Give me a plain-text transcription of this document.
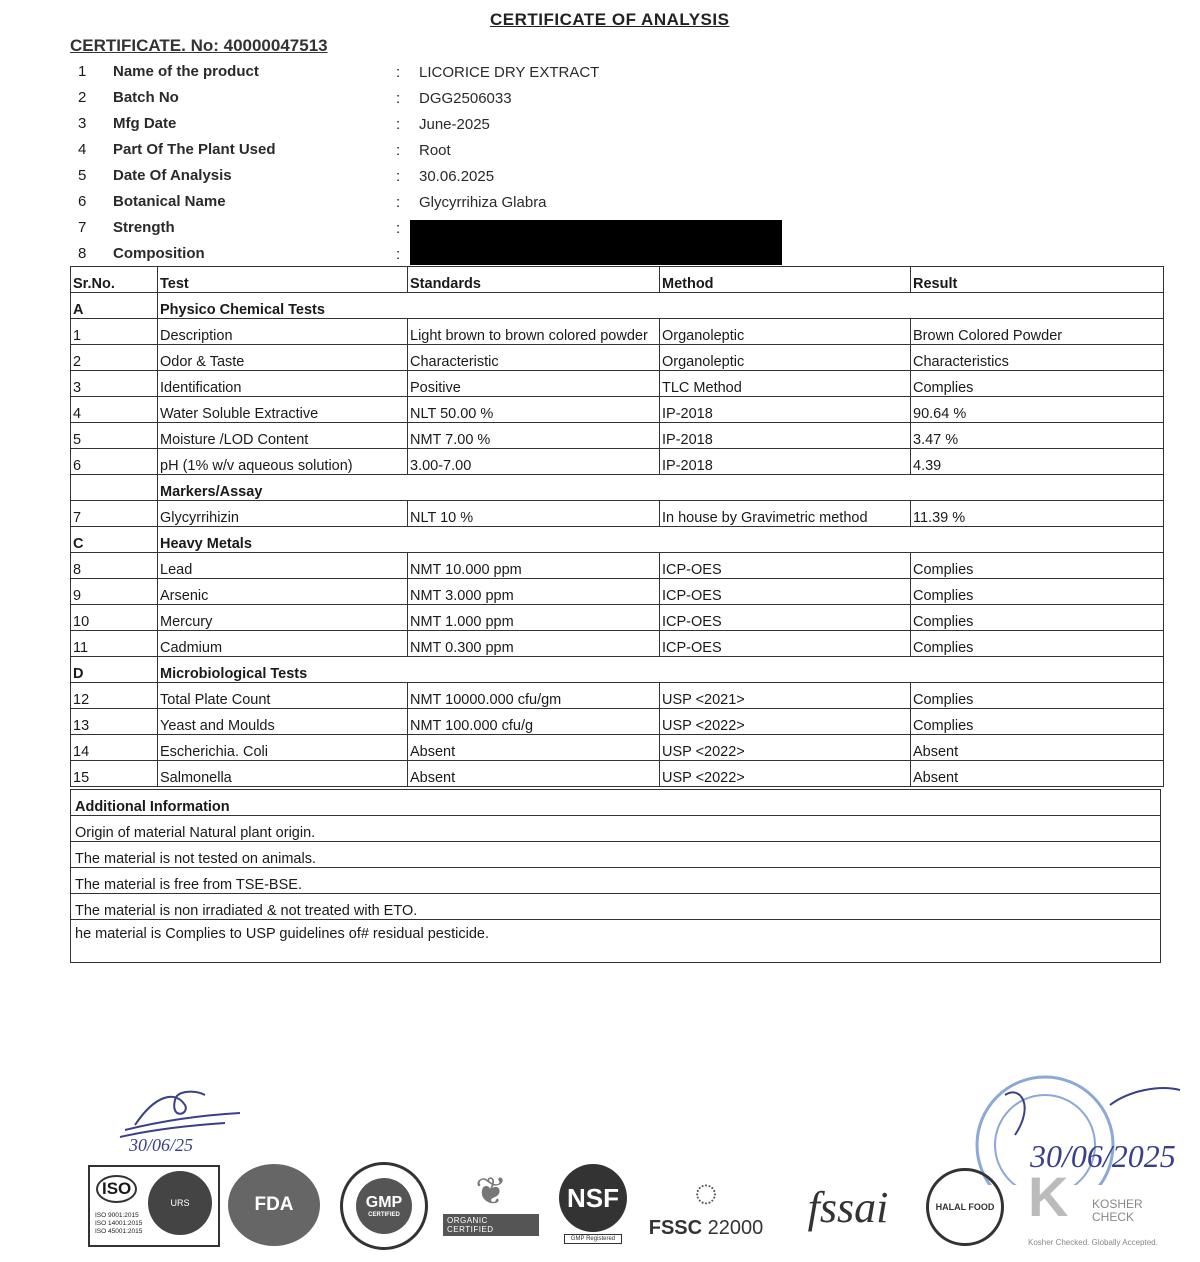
CERTIFICATE OF ANALYSIS
CERTIFICATE. No: 40000047513
1 Name of the product	: LICORICE DRY EXTRACT
2 Batch No	: DGG2506033
3 Mfg Date	: June-2025
4 Part Of The Plant Used	: Root
5 Date Of Analysis	: 30.06.2025
6 Botanical Name	: Glycyrrihiza Glabra
7 Strength	:
8 Composition	:
Sr.No.	Test	Standards	Method	Result
A	Physico Chemical Tests			
1	Description	Light brown to brown colored powder	Organoleptic	Brown Colored Powder
2	Odor & Taste	Characteristic	Organoleptic	Characteristics
3	Identification	Positive	TLC Method	Complies
4	Water Soluble Extractive	NLT 50.00 %	IP-2018	90.64 %
5	Moisture /LOD Content	NMT 7.00 %	IP-2018	3.47 %
6	pH (1% w/v aqueous solution)	3.00-7.00	IP-2018	4.39
	Markers/Assay			
7	Glycyrrihizin	NLT 10 %	In house by Gravimetric method	11.39 %
C	Heavy Metals			
8	Lead	NMT 10.000 ppm	ICP-OES	Complies
9	Arsenic	NMT 3.000 ppm	ICP-OES	Complies
10	Mercury	NMT 1.000 ppm	ICP-OES	Complies
11	Cadmium	NMT 0.300 ppm	ICP-OES	Complies
D	Microbiological Tests			
12	Total Plate Count	NMT 10000.000 cfu/gm	USP <2021>	Complies
13	Yeast and Moulds	NMT 100.000 cfu/g	USP <2022>	Complies
14	Escherichia. Coli	Absent	USP <2022>	Absent
15	Salmonella	Absent	USP <2022>	Absent
Additional Information
Origin of material Natural plant origin.
The material is not tested on animals.
The material is free from TSE-BSE.
The material is non irradiated & not treated with ETO.
he material is Complies to USP guidelines of# residual pesticide.
30/06/25	30/06/2025
ISO
ISO 9001:2015
ISO 14001:2015
ISO 45001:2015
URS	FDA	GMP
CERTIFIED
❦
ORGANIC CERTIFIED
NSF
GMP Registered
◌
FSSC 22000	fssai	HALAL FOOD K KOSHER
CHECK
Kosher Checked. Globally Accepted.
